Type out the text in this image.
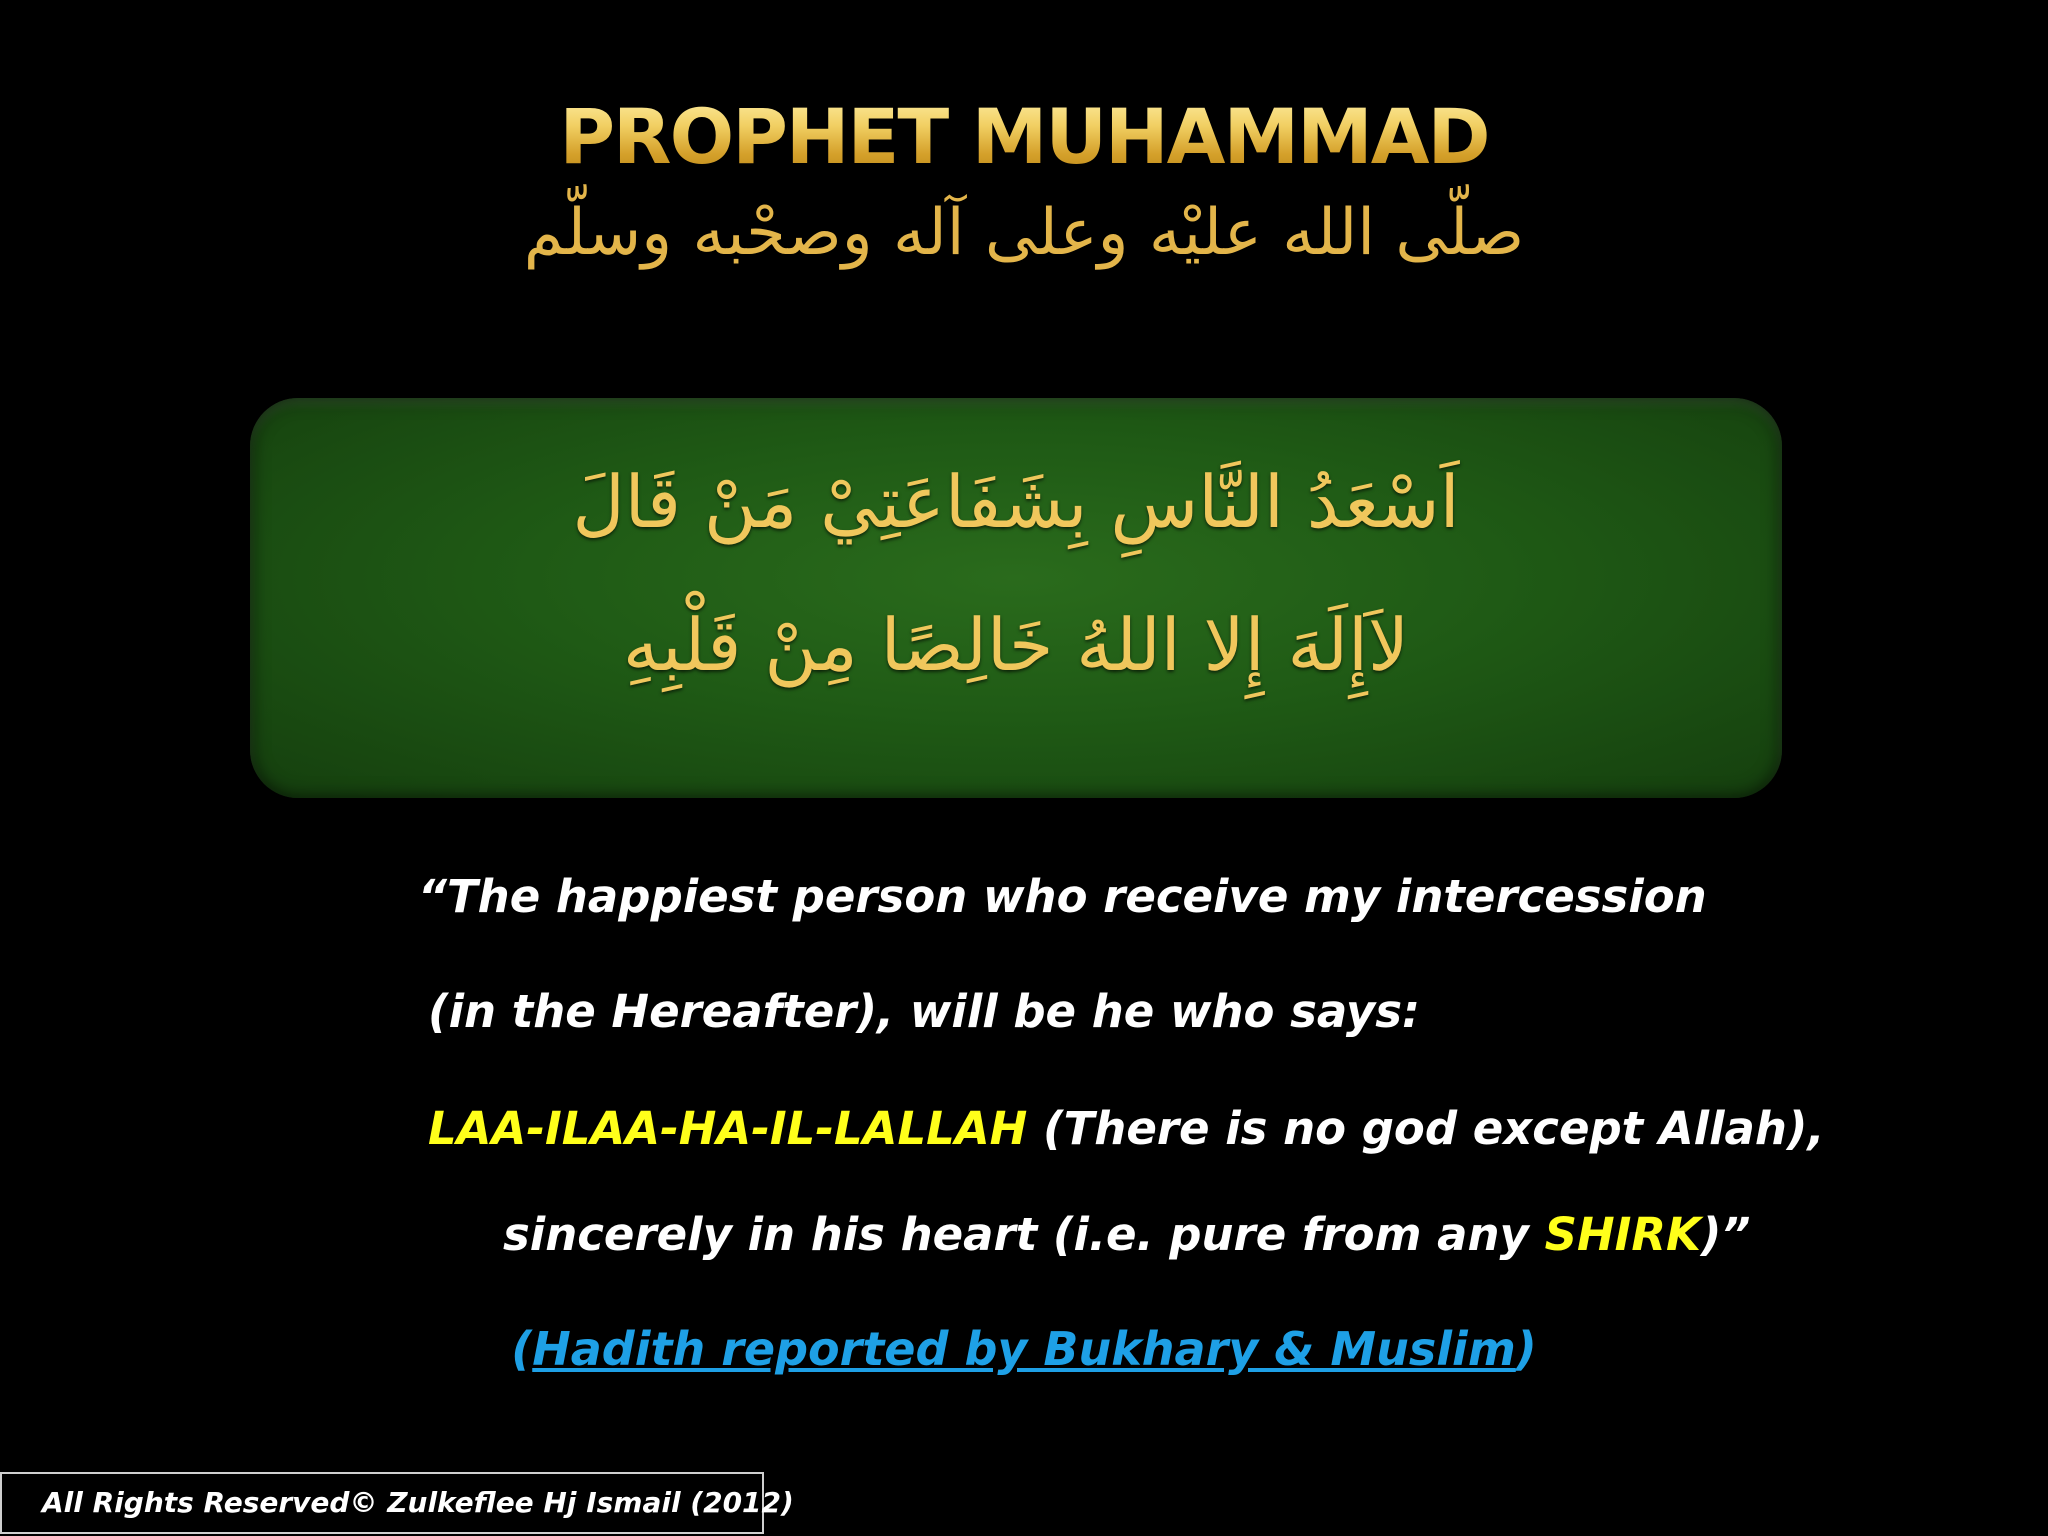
PROPHET MUHAMMAD
صلّى الله عليْه وعلى آله وصحْبه وسلّم
اَسْعَدُ النَّاسِ بِشَفَاعَتِيْ مَنْ قَالَ
لاَإِلَهَ إِلا اللهُ خَالِصًا مِنْ قَلْبِهِ
“The happiest person who receive my intercession
(in the Hereafter), will be he who says:
LAA-ILAA-HA-IL-LALLAH (There is no god except Allah),
sincerely in his heart (i.e. pure from any SHIRK)”
(Hadith reported by Bukhary & Muslim)
All Rights Reserved© Zulkeflee Hj Ismail (2012)
